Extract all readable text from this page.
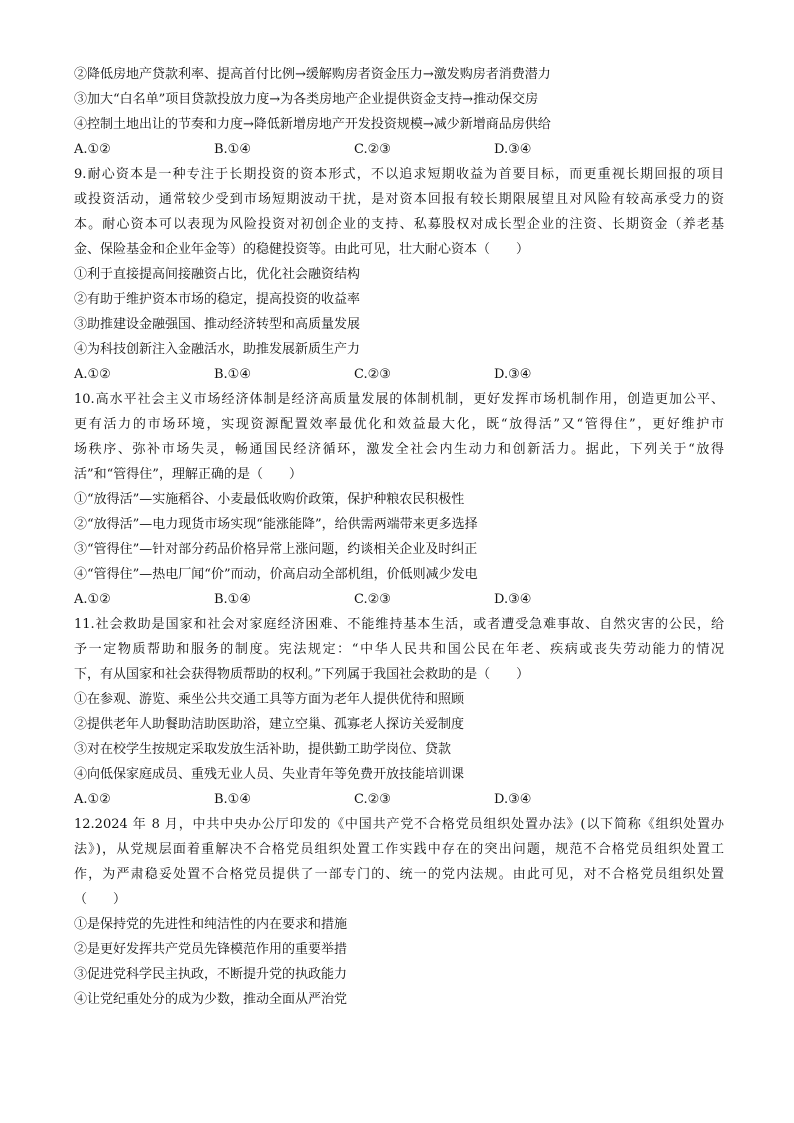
②降低房地产贷款利率、提高首付比例→缓解购房者资金压力→激发购房者消费潜力
③加大“白名单”项目贷款投放力度→为各类房地产企业提供资金支持→推动保交房
④控制土地出让的节奏和力度→降低新增房地产开发投资规模→减少新增商品房供给
A.①②	B.①④	C.②③	D.③④
9.耐心资本是一种专注于长期投资的资本形式，不以追求短期收益为首要目标，而更重视长期回报的项目
或投资活动，通常较少受到市场短期波动干扰，是对资本回报有较长期限展望且对风险有较高承受力的资
本。耐心资本可以表现为风险投资对初创企业的支持、私募股权对成长型企业的注资、长期资金（养老基
金、保险基金和企业年金等）的稳健投资等。由此可见，壮大耐心资本（　　）
①利于直接提高间接融资占比，优化社会融资结构
②有助于维护资本市场的稳定，提高投资的收益率
③助推建设金融强国、推动经济转型和高质量发展
④为科技创新注入金融活水，助推发展新质生产力
A.①②	B.①④	C.②③	D.③④
10.高水平社会主义市场经济体制是经济高质量发展的体制机制，更好发挥市场机制作用，创造更加公平、
更有活力的市场环境，实现资源配置效率最优化和效益最大化，既“放得活”又“管得住”，更好维护市
场秩序、弥补市场失灵，畅通国民经济循环，激发全社会内生动力和创新活力。据此，下列关于“放得
活”和“管得住”，理解正确的是（　　）
①“放得活”—实施稻谷、小麦最低收购价政策，保护种粮农民积极性
②“放得活”—电力现货市场实现“能涨能降”，给供需两端带来更多选择
③“管得住”—针对部分药品价格异常上涨问题，约谈相关企业及时纠正
④“管得住”—热电厂闻“价”而动，价高启动全部机组，价低则减少发电
A.①②	B.①④	C.②③	D.③④
11.社会救助是国家和社会对家庭经济困难、不能维持基本生活，或者遭受急难事故、自然灾害的公民，给
予一定物质帮助和服务的制度。宪法规定：“中华人民共和国公民在年老、疾病或丧失劳动能力的情况
下，有从国家和社会获得物质帮助的权利。”下列属于我国社会救助的是（　　）
①在参观、游览、乘坐公共交通工具等方面为老年人提供优待和照顾
②提供老年人助餐助洁助医助浴，建立空巢、孤寡老人探访关爱制度
③对在校学生按规定采取发放生活补助，提供勤工助学岗位、贷款
④向低保家庭成员、重残无业人员、失业青年等免费开放技能培训课
A.①②	B.①④	C.②③	D.③④
12.2024 年 8 月，中共中央办公厅印发的《中国共产党不合格党员组织处置办法》(以下简称《组织处置办
法》)，从党规层面着重解决不合格党员组织处置工作实践中存在的突出问题，规范不合格党员组织处置工
作，为严肃稳妥处置不合格党员提供了一部专门的、统一的党内法规。由此可见，对不合格党员组织处置
（　　）
①是保持党的先进性和纯洁性的内在要求和措施
②是更好发挥共产党员先锋模范作用的重要举措
③促进党科学民主执政，不断提升党的执政能力
④让党纪重处分的成为少数，推动全面从严治党
